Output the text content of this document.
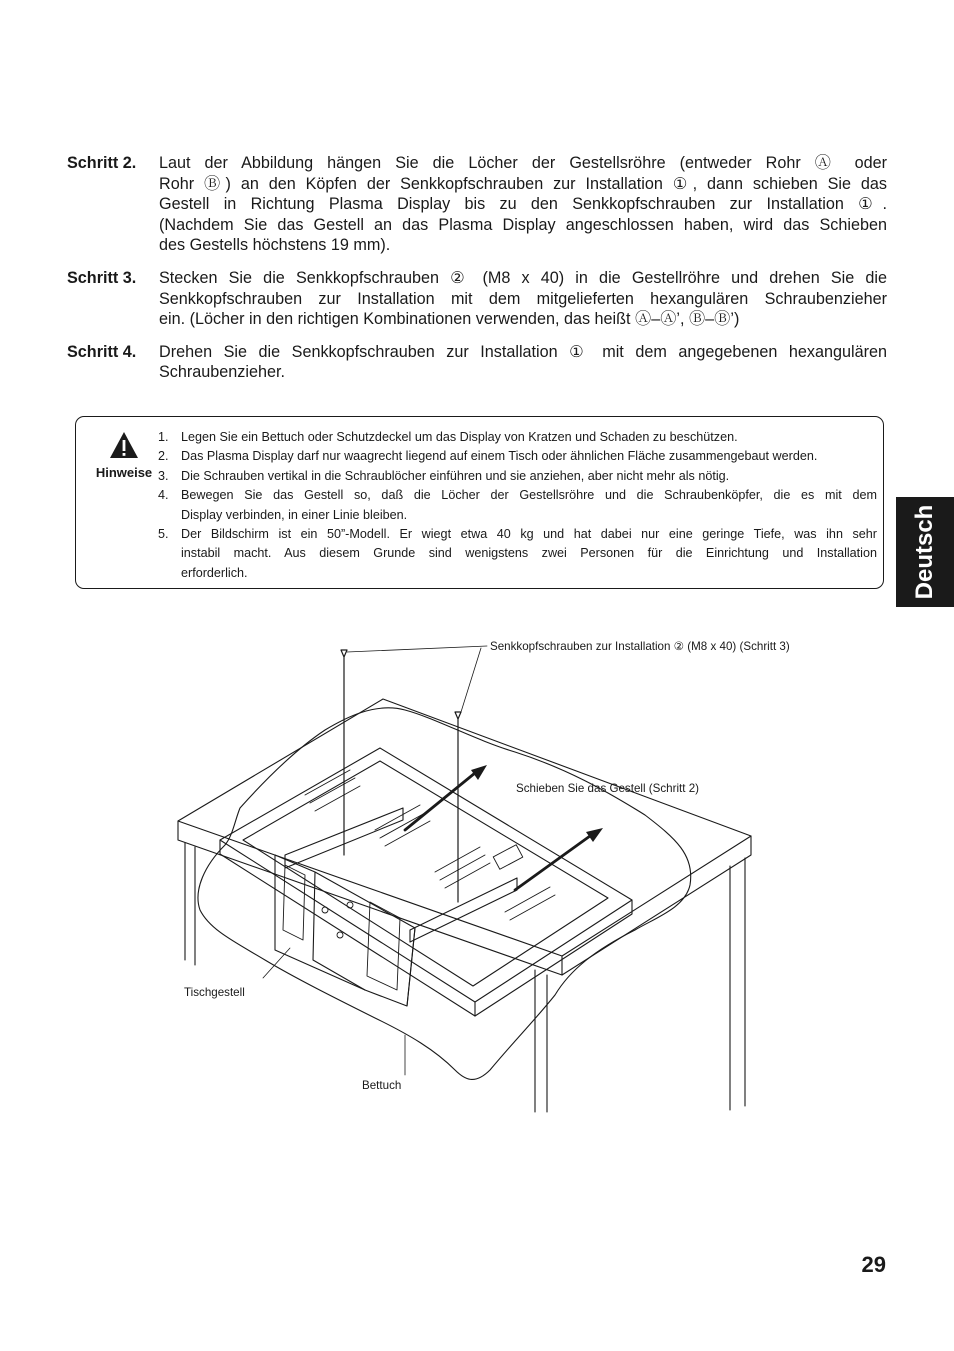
Schritt 2.	Laut der Abbildung hängen Sie die Löcher der Gestellsröhre (entweder Rohr Ⓐ oder
Rohr Ⓑ) an den Köpfen der Senkkopfschrauben zur Installation ①, dann schieben Sie das
Gestell in Richtung Plasma Display bis zu den Senkkopfschrauben zur Installation ①.
(Nachdem Sie das Gestell an das Plasma Display angeschlossen haben, wird das Schieben
des Gestells höchstens 19 mm).
Schritt 3.	Stecken Sie die Senkkopfschrauben ② (M8 x 40) in die Gestellröhre und drehen Sie die
Senkkopfschrauben zur Installation mit dem mitgelieferten hexangulären Schraubenzieher
ein. (Löcher in den richtigen Kombinationen verwenden, das heißt Ⓐ–Ⓐ’, Ⓑ–Ⓑ’)
Schritt 4.	Drehen Sie die Senkkopfschrauben zur Installation ① mit dem angegebenen hexangulären
Schraubenzieher.
Hinweise
1. Legen Sie ein Bettuch oder Schutzdeckel um das Display von Kratzen und Schaden zu beschützen.
2. Das Plasma Display darf nur waagrecht liegend auf einem Tisch oder ähnlichen Fläche zusammengebaut werden.
3. Die Schrauben vertikal in die Schraublöcher einführen und sie anziehen, aber nicht mehr als nötig.
4. Bewegen Sie das Gestell so, daß die Löcher der Gestellsröhre und die Schraubenköpfer, die es mit dem
Display verbinden, in einer Linie bleiben.
5. Der Bildschirm ist ein 50”-Modell. Er wiegt etwa 40 kg und hat dabei nur eine geringe Tiefe, was ihn sehr
instabil macht. Aus diesem Grunde sind wenigstens zwei Personen für die Einrichtung und Installation
erforderlich.	Deutsch
Senkkopfschrauben zur Installation ② (M8 x 40) (Schritt 3)
Schieben Sie das Gestell (Schritt 2)
Tischgestell
Bettuch
29
